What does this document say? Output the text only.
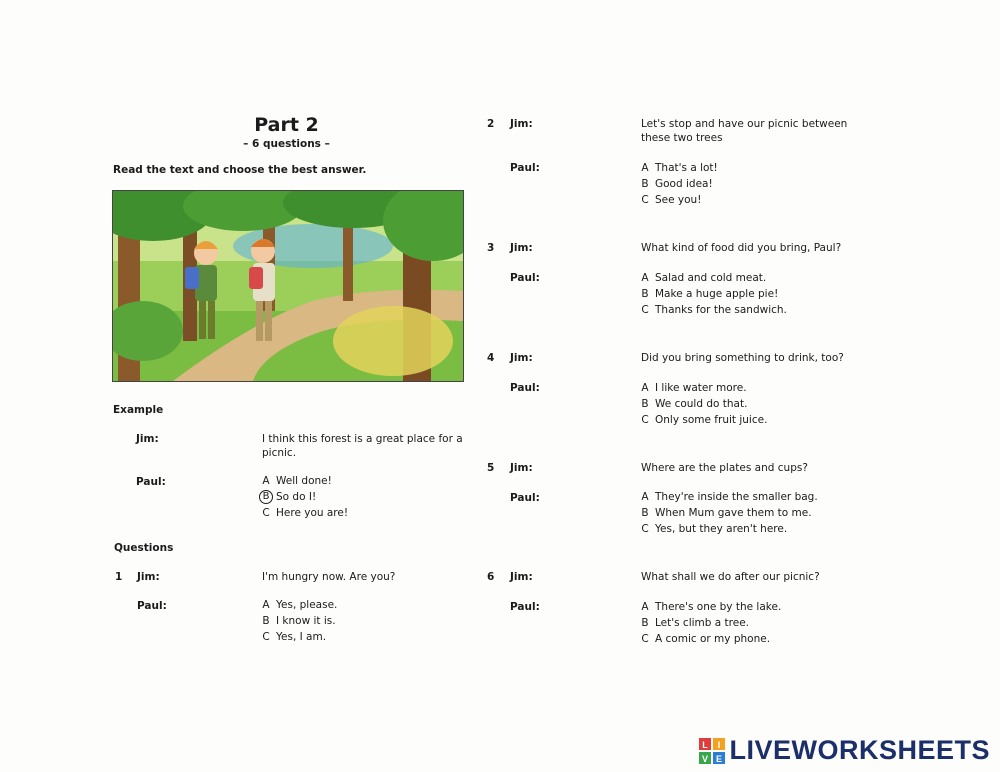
Part 2
– 6 questions –
Read the text and choose the best answer.
Example
Jim:	I think this forest is a great place for a
picnic.
Paul:	A Well done!
B So do I!
C Here you are!
Questions
1 Jim:	I'm hungry now. Are you?
Paul:	A Yes, please.
B I know it is.
C Yes, I am.
2 Jim:	Let's stop and have our picnic between
these two trees
Paul:	A That's a lot!
B Good idea!
C See you!
3 Jim:	What kind of food did you bring, Paul?
Paul:	A Salad and cold meat.
B Make a huge apple pie!
C Thanks for the sandwich.
4 Jim:	Did you bring something to drink, too?
Paul:	A I like water more.
B We could do that.
C Only some fruit juice.
5 Jim:	Where are the plates and cups?
Paul:	A They're inside the smaller bag.
B When Mum gave them to me.
C Yes, but they aren't here.
6 Jim:	What shall we do after our picnic?
Paul:	A There's one by the lake.
B Let's climb a tree.
C A comic or my phone.
L I
V E LIVEWORKSHEETS
